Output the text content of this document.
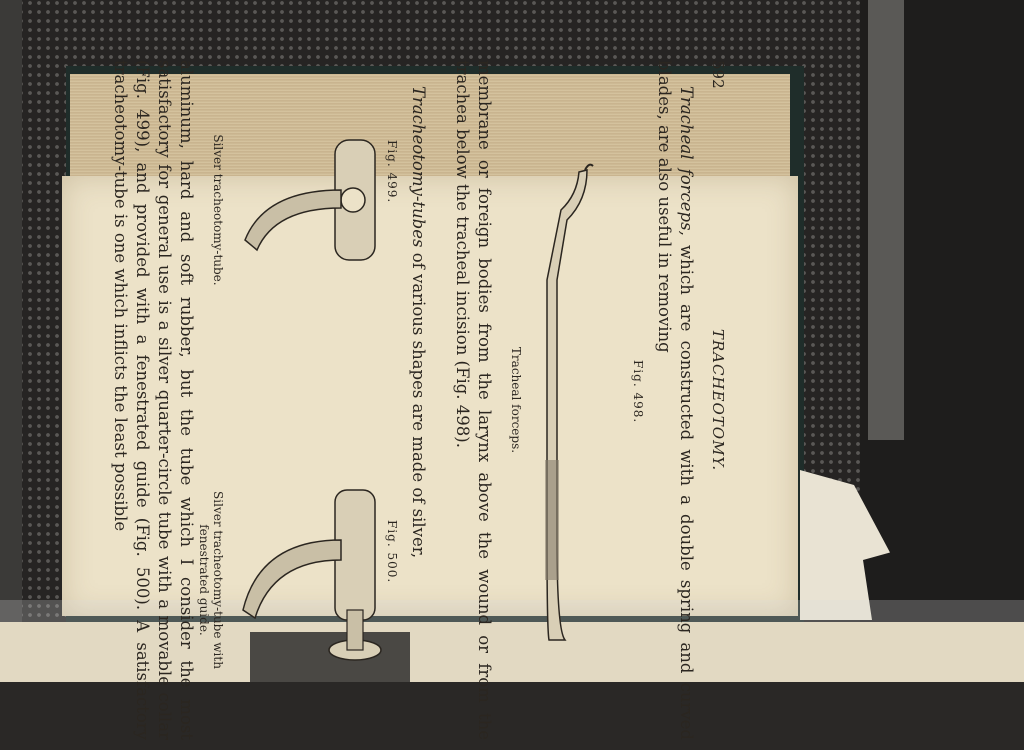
592
TRACHEOTOMY.
Tracheal forceps, which are constructed with a double spring and curved blades, are also useful in removing
Fig. 498.
Tracheal forceps.
membrane or foreign bodies from the larynx above the wound or from the trachea below the tracheal incision (Fig. 498).
Tracheotomy-tubes of various shapes are made of silver,
Fig. 499.
Fig. 500.
Silver tracheotomy-tube.
Silver tracheotomy-tube with fenestrated guide.
aluminum, hard and soft rubber, but the tube which I consider the most satisfactory for general use is a silver quarter-circle tube with a movable collar (Fig. 499), and provided with a fenestrated guide (Fig. 500). A satisfactory tracheotomy-tube is one which inflicts the least possible
